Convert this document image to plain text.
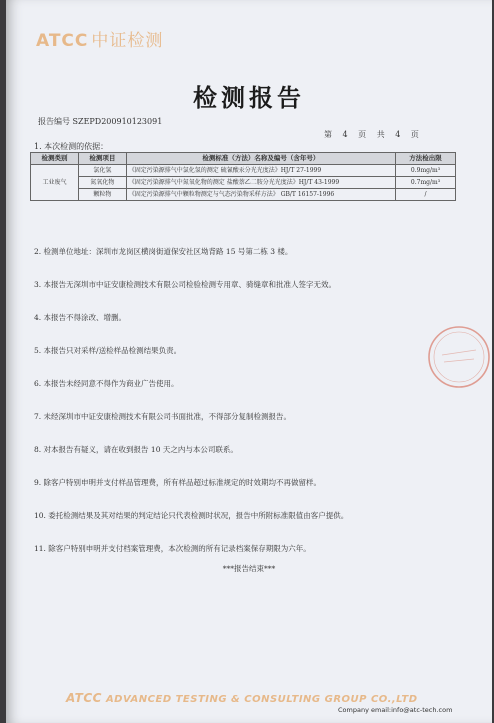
ATCC 中证检测
检测报告
报告编号 SZEPD200910123091
第 4 页 共 4 页
1. 本次检测的依据：
检测类别	检测项目	检测标准（方法）名称及编号（含年号）	方法检出限
工业废气	氯化氢	《固定污染源排气中氯化氢的测定 硫氰酸汞分光光度法》HJ/T 27-1999	0.9mg/m³
	氮氧化物	《固定污染源排气中氮氧化物的测定 盐酸萘乙二胺分光光度法》HJ/T 43-1999	0.7mg/m³
	颗粒物	《固定污染源排气中颗粒物测定与气态污染物采样方法》 GB/T 16157-1996	/

2. 检测单位地址：深圳市龙岗区横岗街道保安社区坳背路 15 号第二栋 3 楼。

3. 本报告无深圳市中证安康检测技术有限公司检验检测专用章、骑缝章和批准人签字无效。

4. 本报告不得涂改、增删。

5. 本报告只对采样/送检样品检测结果负责。

6. 本报告未经同意不得作为商业广告使用。

7. 未经深圳市中证安康检测技术有限公司书面批准，不得部分复制检测报告。

8. 对本报告有疑义，请在收到报告 10 天之内与本公司联系。

9. 除客户特别申明并支付样品管理费，所有样品超过标准规定的时效期均不再做留样。

10. 委托检测结果及其对结果的判定结论只代表检测时状况，报告中所附标准限值由客户提供。

11. 除客户特别申明并支付档案管理费，本次检测的所有记录档案保存期限为六年。

***报告结束***
ATCC ADVANCED TESTING & CONSULTING GROUP CO.,LTD
Company email:info@atc-tech.com
